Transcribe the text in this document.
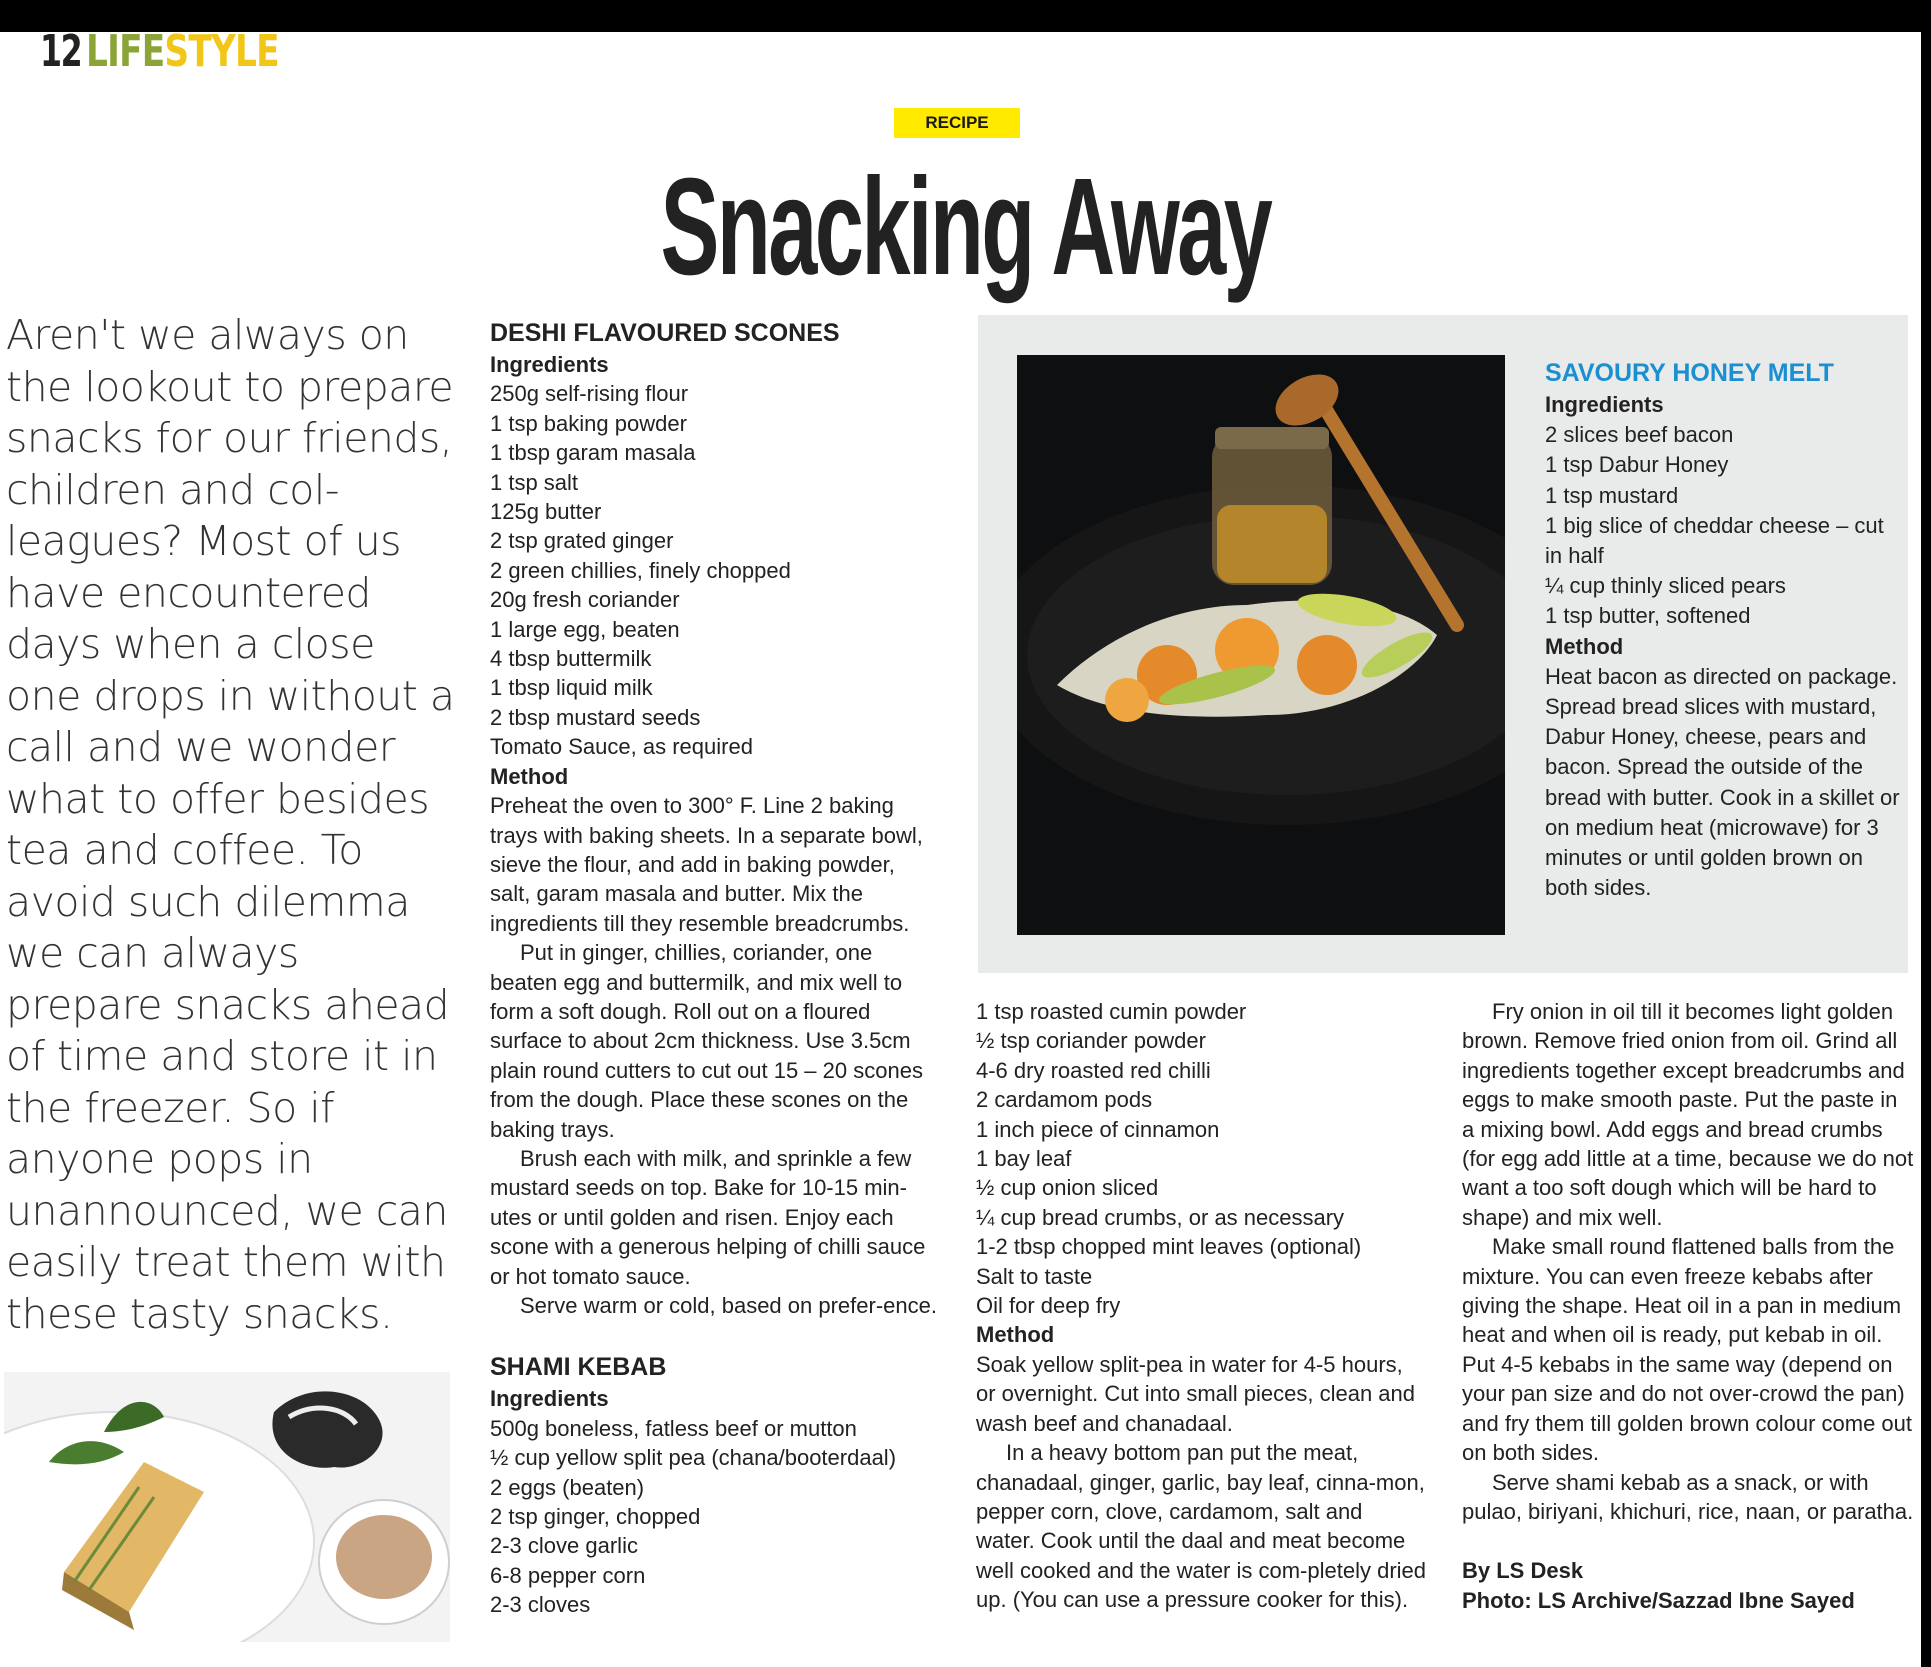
12 LIFESTYLE
RECIPE
Snacking Away
Aren't we always on the lookout to prepare snacks for our friends, children and col-leagues? Most of us have encountered days when a close one drops in without a call and we wonder what to offer besides tea and coffee. To avoid such dilemma we can always prepare snacks ahead of time and store it in the freezer. So if anyone pops in unannounced, we can easily treat them with these tasty snacks.
DESHI FLAVOURED SCONES
Ingredients
250g self-rising flour
1 tsp baking powder
1 tbsp garam masala
1 tsp salt
125g butter
2 tsp grated ginger
2 green chillies, finely chopped
20g fresh coriander
1 large egg, beaten
4 tbsp buttermilk
1 tbsp liquid milk
2 tbsp mustard seeds
Tomato Sauce, as required
Method
Preheat the oven to 300° F. Line 2 baking trays with baking sheets. In a separate bowl, sieve the flour, and add in baking powder, salt, garam masala and butter. Mix the ingredients till they resemble breadcrumbs.
Put in ginger, chillies, coriander, one beaten egg and buttermilk, and mix well to form a soft dough. Roll out on a floured surface to about 2cm thickness. Use 3.5cm plain round cutters to cut out 15 – 20 scones from the dough. Place these scones on the baking trays.
Brush each with milk, and sprinkle a few mustard seeds on top. Bake for 10-15 min-utes or until golden and risen. Enjoy each scone with a generous helping of chilli sauce or hot tomato sauce.
Serve warm or cold, based on prefer-ence.
SHAMI KEBAB
Ingredients
500g boneless, fatless beef or mutton
½ cup yellow split pea (chana/booterdaal)
2 eggs (beaten)
2 tsp ginger, chopped
2-3 clove garlic
6-8 pepper corn
2-3 cloves
SAVOURY HONEY MELT
Ingredients
2 slices beef bacon
1 tsp Dabur Honey
1 tsp mustard
1 big slice of cheddar cheese – cut in half
¼ cup thinly sliced pears
1 tsp butter, softened
Method
Heat bacon as directed on package. Spread bread slices with mustard, Dabur Honey, cheese, pears and bacon. Spread the outside of the bread with butter. Cook in a skillet or on medium heat (microwave) for 3 minutes or until golden brown on both sides.
1 tsp roasted cumin powder
½ tsp coriander powder
4-6 dry roasted red chilli
2 cardamom pods
1 inch piece of cinnamon
1 bay leaf
½ cup onion sliced
¼ cup bread crumbs, or as necessary
1-2 tbsp chopped mint leaves (optional)
Salt to taste
Oil for deep fry
Method
Soak yellow split-pea in water for 4-5 hours, or overnight. Cut into small pieces, clean and wash beef and chanadaal.
In a heavy bottom pan put the meat, chanadaal, ginger, garlic, bay leaf, cinna-mon, pepper corn, clove, cardamom, salt and water. Cook until the daal and meat become well cooked and the water is com-pletely dried up. (You can use a pressure cooker for this).
Fry onion in oil till it becomes light golden brown. Remove fried onion from oil. Grind all ingredients together except breadcrumbs and eggs to make smooth paste. Put the paste in a mixing bowl. Add eggs and bread crumbs (for egg add little at a time, because we do not want a too soft dough which will be hard to shape) and mix well.
Make small round flattened balls from the mixture. You can even freeze kebabs after giving the shape. Heat oil in a pan in medium heat and when oil is ready, put kebab in oil. Put 4-5 kebabs in the same way (depend on your pan size and do not over-crowd the pan) and fry them till golden brown colour come out on both sides.
Serve shami kebab as a snack, or with pulao, biriyani, khichuri, rice, naan, or paratha.
By LS Desk
Photo: LS Archive/Sazzad Ibne Sayed
